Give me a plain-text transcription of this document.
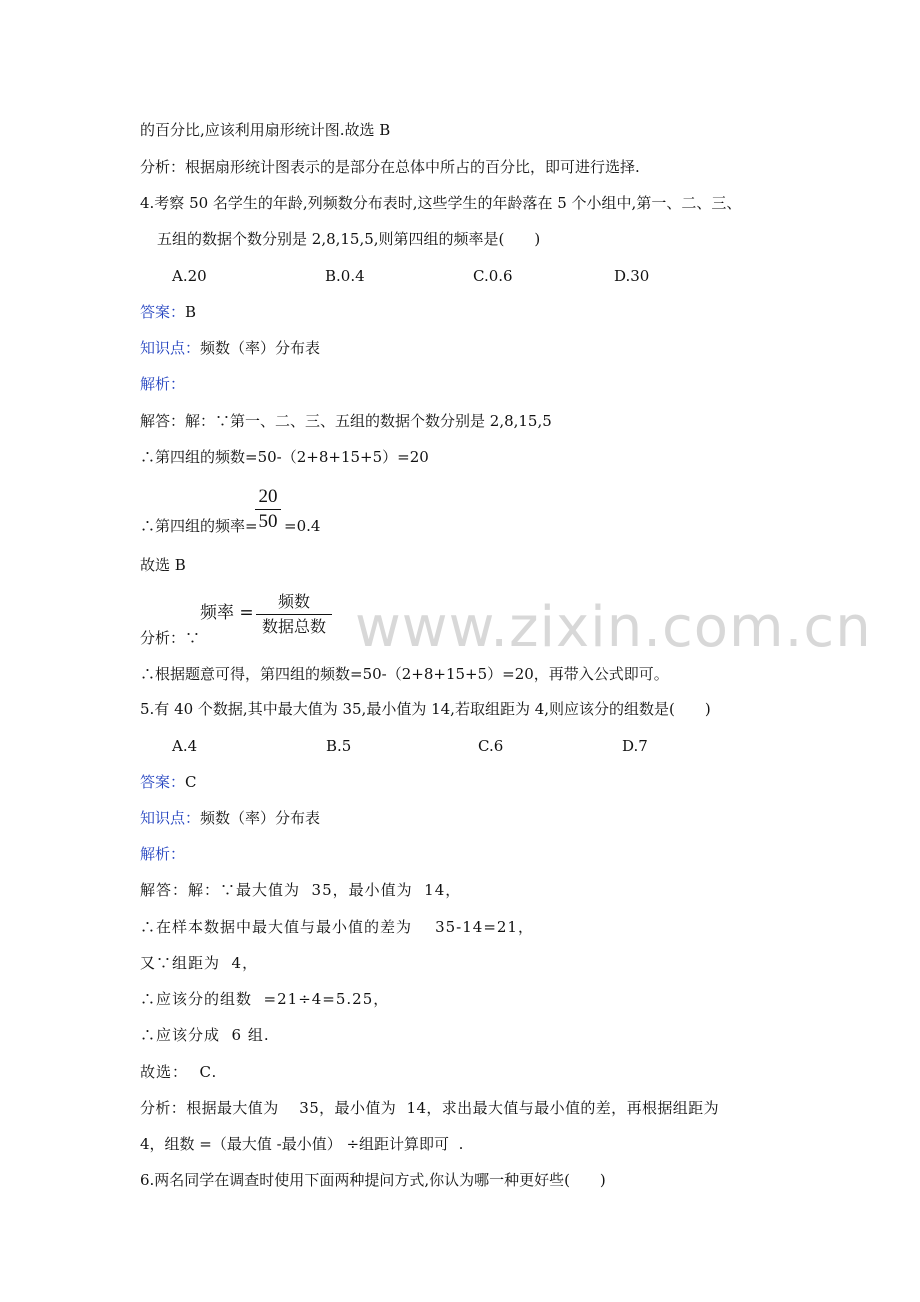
www.zixin.com.cn
的百分比,应该利用扇形统计图.故选 B
分析：根据扇形统计图表示的是部分在总体中所占的百分比，即可进行选择.
4.考察 50 名学生的年龄,列频数分布表时,这些学生的年龄落在 5 个小组中,第一、二、三、
五组的数据个数分别是 2,8,15,5,则第四组的频率是(　　)
A.20	B.0.4	C.0.6	D.30
答案：B
知识点：频数（率）分布表
解析：
解答：解：∵第一、二、三、五组的数据个数分别是 2,8,15,5
∴第四组的频数=50-（2+8+15+5）=20
∴第四组的频率=
20
50 =0.4
故选 B
分析：∵
频率 =
频数
数据总数
∴根据题意可得，第四组的频数=50-（2+8+15+5）=20，再带入公式即可。
5.有 40 个数据,其中最大值为 35,最小值为 14,若取组距为 4,则应该分的组数是(　　)
A.4	B.5	C.6	D.7
答案：C
知识点：频数（率）分布表
解析：
解答：解：∵最大值为  35，最小值为  14，
∴在样本数据中最大值与最小值的差为    35-14=21，
又∵组距为  4，
∴应该分的组数  =21÷4=5.25，
∴应该分成  6 组.
故选：  C.
分析：根据最大值为    35，最小值为  14，求出最大值与最小值的差，再根据组距为
4，组数 =（最大值 -最小值） ÷组距计算即可  .
6.两名同学在调查时使用下面两种提问方式,你认为哪一种更好些(　　)
